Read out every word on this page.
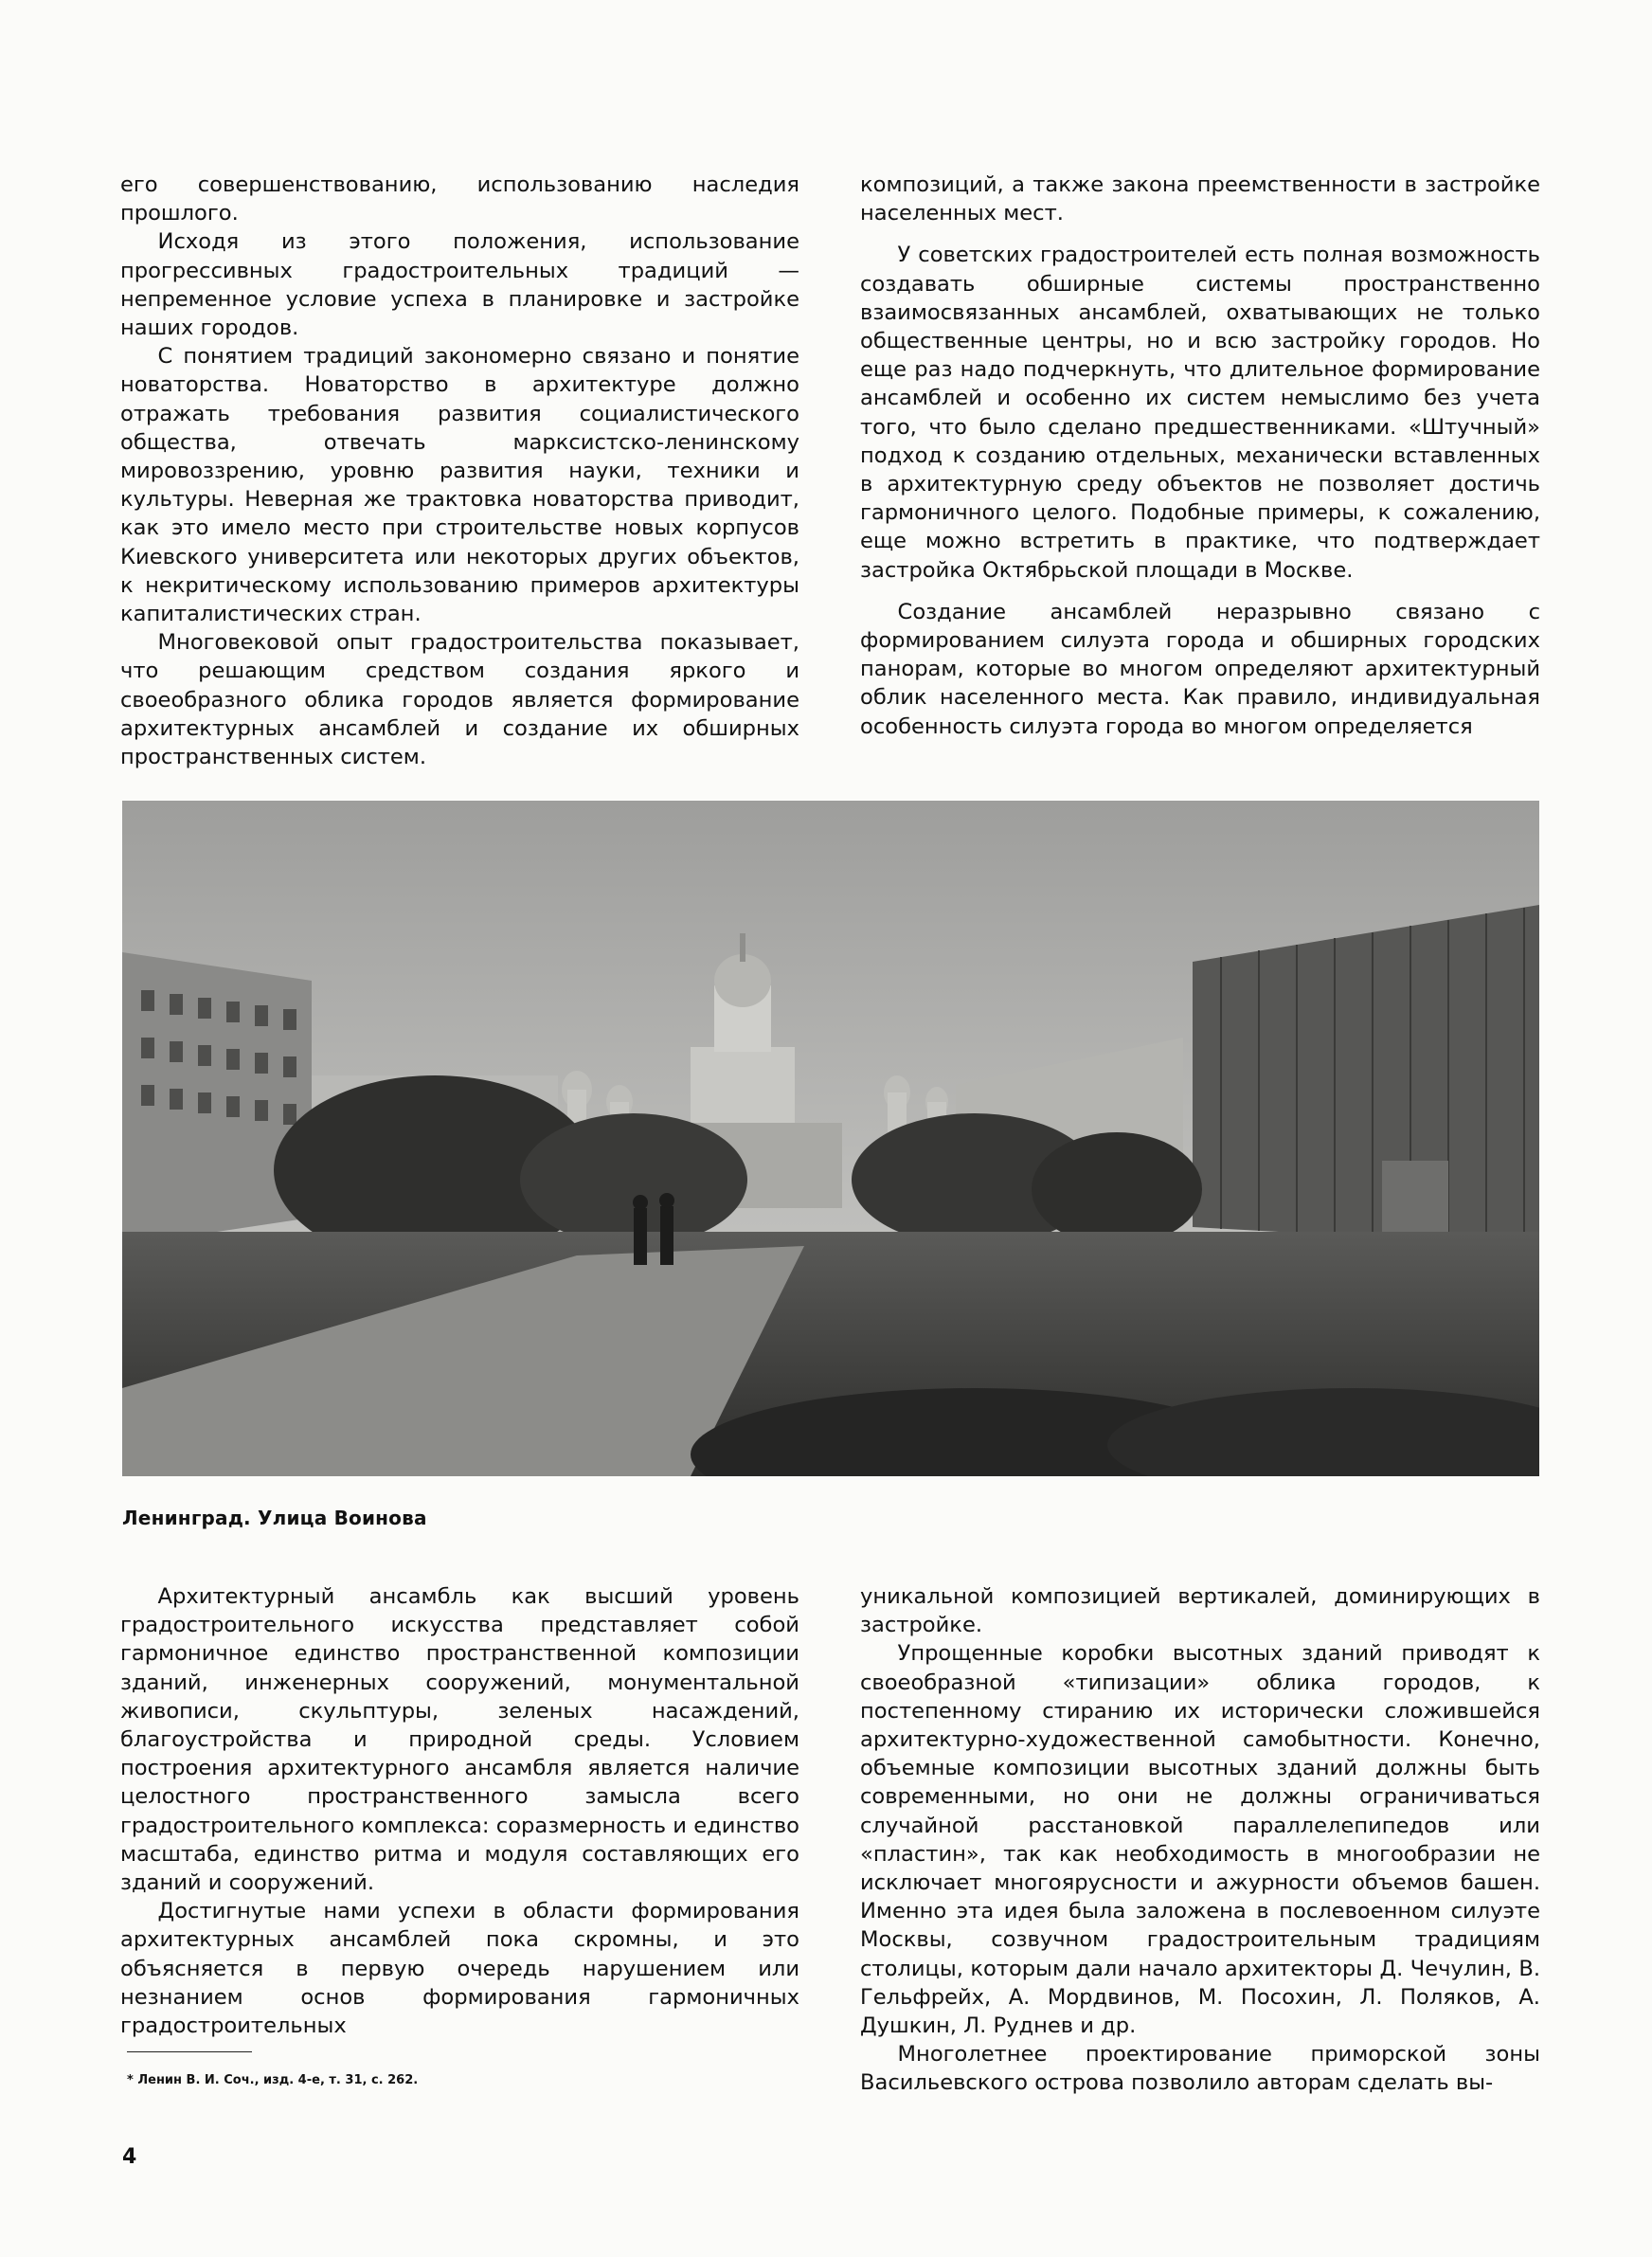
его совершенствованию, использованию наследия прошлого.

Исходя из этого положения, использование прогрессивных градостроительных традиций — непременное условие успеха в планировке и застройке наших городов.

С понятием традиций закономерно связано и понятие новаторства. Новаторство в архитектуре должно отражать требования развития социалистического общества, отвечать марксистско-ленинскому мировоззрению, уровню развития науки, техники и культуры. Неверная же трактовка новаторства приводит, как это имело место при строительстве новых корпусов Киевского университета или некоторых других объектов, к некритическому использованию примеров архитектуры капиталистических стран.

Многовековой опыт градостроительства показывает, что решающим средством создания яркого и своеобразного облика городов является формирование архитектурных ансамблей и создание их обширных пространственных систем.

композиций, а также закона преемственности в застройке населенных мест.

У советских градостроителей есть полная возможность создавать обширные системы пространственно взаимосвязанных ансамблей, охватывающих не только общественные центры, но и всю застройку городов. Но еще раз надо подчеркнуть, что длительное формирование ансамблей и особенно их систем немыслимо без учета того, что было сделано предшественниками. «Штучный» подход к созданию отдельных, механически вставленных в архитектурную среду объектов не позволяет достичь гармоничного целого. Подобные примеры, к сожалению, еще можно встретить в практике, что подтверждает застройка Октябрьской площади в Москве.

Создание ансамблей неразрывно связано с формированием силуэта города и обширных городских панорам, которые во многом определяют архитектурный облик населенного места. Как правило, индивидуальная особенность силуэта города во многом определяется

Ленинград. Улица Воинова

Архитектурный ансамбль как высший уровень градостроительного искусства представляет собой гармоничное единство пространственной композиции зданий, инженерных сооружений, монументальной живописи, скульптуры, зеленых насаждений, благоустройства и природной среды. Условием построения архитектурного ансамбля является наличие целостного пространственного замысла всего градостроительного комплекса: соразмерность и единство масштаба, единство ритма и модуля составляющих его зданий и сооружений.

Достигнутые нами успехи в области формирования архитектурных ансамблей пока скромны, и это объясняется в первую очередь нарушением или незнанием основ формирования гармоничных градостроительных

уникальной композицией вертикалей, доминирующих в застройке.

Упрощенные коробки высотных зданий приводят к своеобразной «типизации» облика городов, к постепенному стиранию их исторически сложившейся архитектурно-художественной самобытности. Конечно, объемные композиции высотных зданий должны быть современными, но они не должны ограничиваться случайной расстановкой параллелепипедов или «пластин», так как необходимость в многообразии не исключает многоярусности и ажурности объемов башен. Именно эта идея была заложена в послевоенном силуэте Москвы, созвучном градостроительным традициям столицы, которым дали начало архитекторы Д. Чечулин, В. Гельфрейх, А. Мордвинов, М. Посохин, Л. Поляков, А. Душкин, Л. Руднев и др.

Многолетнее проектирование приморской зоны Васильевского острова позволило авторам сделать вы-

* Ленин В. И. Соч., изд. 4-е, т. 31, с. 262.
4
